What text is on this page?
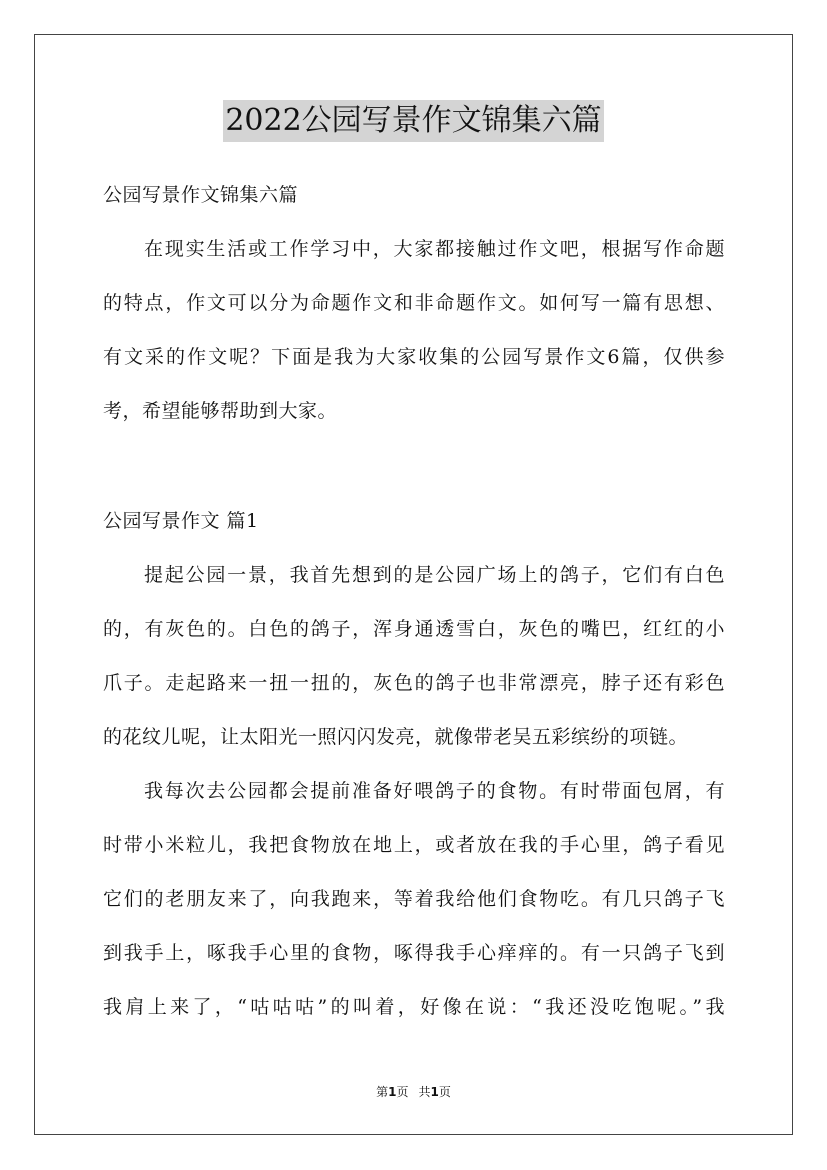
2022公园写景作文锦集六篇
公园写景作文锦集六篇
在现实生活或工作学习中，大家都接触过作文吧，根据写作命题
的特点，作文可以分为命题作文和非命题作文。如何写一篇有思想、
有文采的作文呢？下面是我为大家收集的公园写景作文6篇，仅供参
考，希望能够帮助到大家。
公园写景作文 篇1
提起公园一景，我首先想到的是公园广场上的鸽子，它们有白色
的，有灰色的。白色的鸽子，浑身通透雪白，灰色的嘴巴，红红的小
爪子。走起路来一扭一扭的，灰色的鸽子也非常漂亮，脖子还有彩色
的花纹儿呢，让太阳光一照闪闪发亮，就像带老吴五彩缤纷的项链。
我每次去公园都会提前准备好喂鸽子的食物。有时带面包屑，有
时带小米粒儿，我把食物放在地上，或者放在我的手心里，鸽子看见
它们的老朋友来了，向我跑来，等着我给他们食物吃。有几只鸽子飞
到我手上，啄我手心里的食物，啄得我手心痒痒的。有一只鸽子飞到
我肩上来了，“咕咕咕”的叫着，好像在说：“我还没吃饱呢。”我
第1页 共1页
